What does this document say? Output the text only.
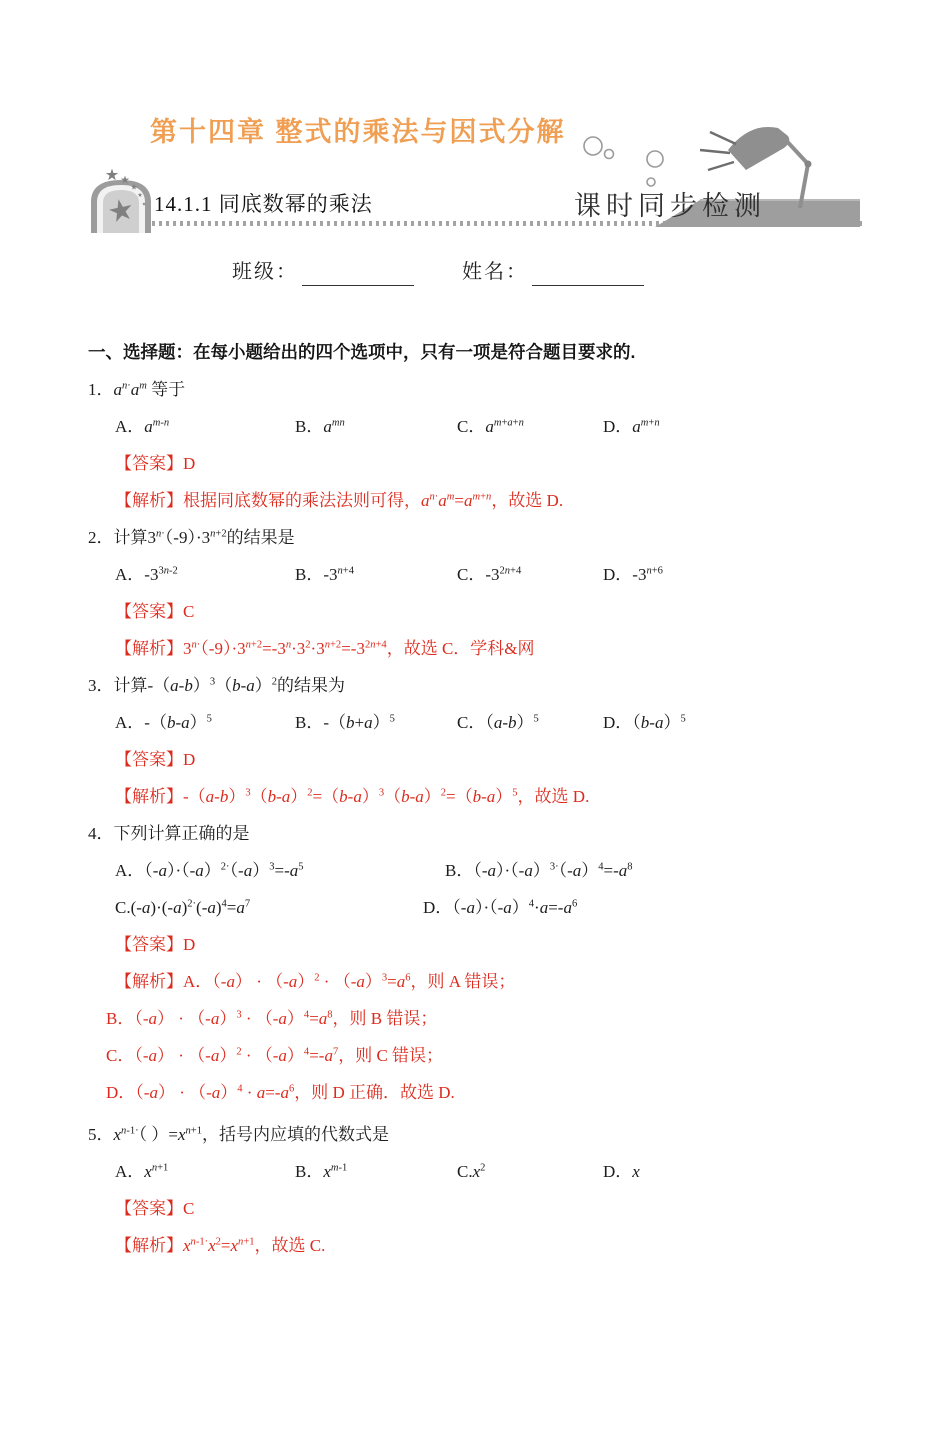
第十四章 整式的乘法与因式分解
14.1.1 同底数幂的乘法	课时同步检测
班级：	姓名：
一、选择题：在每小题给出的四个选项中，只有一项是符合题目要求的.
1．$a^{n\cdot}a^m$ 等于
A．$a^{m-n}$	B．$a^{mn}$	C．$a^{m+a+n}$	D．$a^{m+n}$
【答案】D
【解析】根据同底数幂的乘法法则可得，$a^{n\cdot}a^m=a^{m+n}$，故选 D.
2．计算$3^{n\cdot}(-9)\cdot 3^{n+2}$的结果是
A．$-3^{3n-2}$	B．$-3^{n+4}$	C．$-3^{2n+4}$	D．$-3^{n+6}$
【答案】C
【解析】$3^{n\cdot}(-9)\cdot 3^{n+2}=-3^n\cdot 3^2\cdot 3^{n+2}=-3^{2n+4}$，故选 C．学科&网
3．计算$-(a-b)^3(b-a)^2$的结果为
A．$-(b-a)^5$	B．$-(b+a)^5$	C．$(a-b)^5$	D．$(b-a)^5$
【答案】D
【解析】$-(a-b)^3(b-a)^2=(b-a)^3(b-a)^2=(b-a)^5$，故选 D.
4．下列计算正确的是
A．$(-a)\cdot(-a)^{2\cdot}(-a)^3=-a^5$	B．$(-a)\cdot(-a)^{3\cdot}(-a)^4=-a^8$
$C.(-a)\cdot(-a)^{2\cdot}(-a)^4=a^7$	D．$(-a)\cdot(-a)^4\cdot a=-a^6$
【答案】D
【解析】A．$(-a) \cdot (-a)^2 \cdot (-a)^3=a^6$，则 A 错误；
B．$(-a) \cdot (-a)^3 \cdot (-a)^4=a^8$，则 B 错误；
C．$(-a) \cdot (-a)^2 \cdot (-a)^4=-a^7$，则 C 错误；
D．$(-a) \cdot (-a)^4 \cdot a=-a^6$，则 D 正确．故选 D.
5．$x^{n-1\cdot}$（ ）$=x^{n+1}$，括号内应填的代数式是
A．$x^{n+1}$	B．$x^{m-1}$	$C.x^2$	D．x
【答案】C
【解析】$x^{n-1\cdot}x^2=x^{n+1}$，故选 C.
